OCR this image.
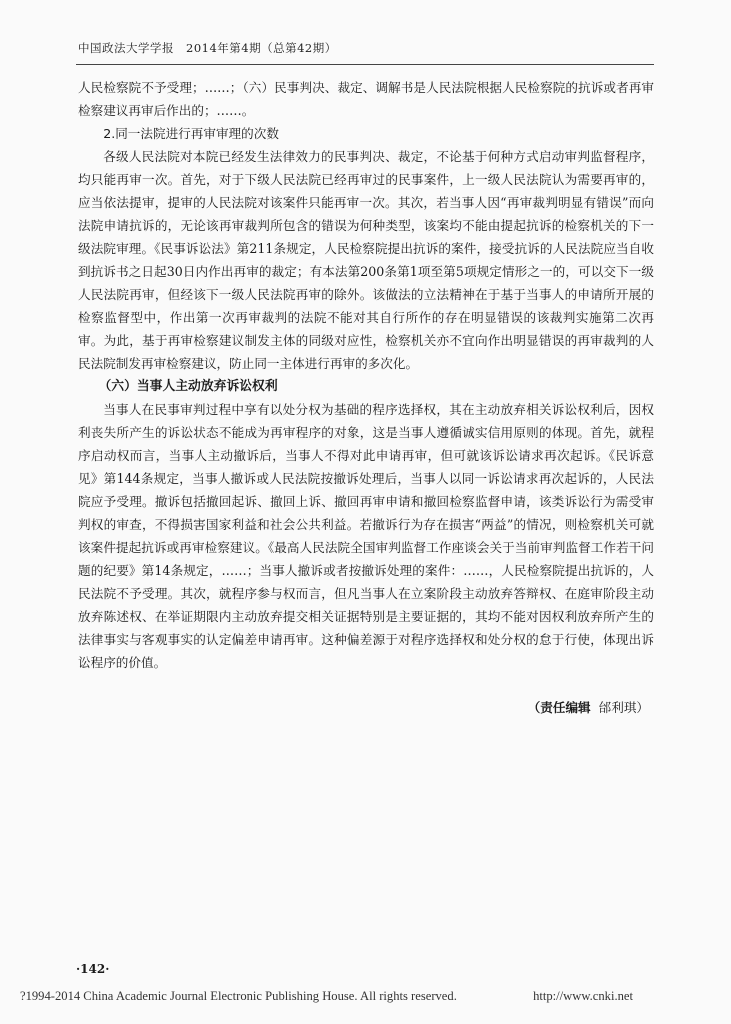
中国政法大学学报　2014年第4期（总第42期）

人民检察院不予受理；……；（六）民事判决、裁定、调解书是人民法院根据人民检察院的抗诉或者再审检察建议再审后作出的；……。

2.同一法院进行再审审理的次数

各级人民法院对本院已经发生法律效力的民事判决、裁定，不论基于何种方式启动审判监督程序，均只能再审一次。首先，对于下级人民法院已经再审过的民事案件，上一级人民法院认为需要再审的，应当依法提审，提审的人民法院对该案件只能再审一次。其次，若当事人因“再审裁判明显有错误”而向法院申请抗诉的，无论该再审裁判所包含的错误为何种类型，该案均不能由提起抗诉的检察机关的下一级法院审理。《民事诉讼法》第211条规定，人民检察院提出抗诉的案件，接受抗诉的人民法院应当自收到抗诉书之日起30日内作出再审的裁定；有本法第200条第1项至第5项规定情形之一的，可以交下一级人民法院再审，但经该下一级人民法院再审的除外。该做法的立法精神在于基于当事人的申请所开展的检察监督型中，作出第一次再审裁判的法院不能对其自行所作的存在明显错误的该裁判实施第二次再审。为此，基于再审检察建议制发主体的同级对应性，检察机关亦不宜向作出明显错误的再审裁判的人民法院制发再审检察建议，防止同一主体进行再审的多次化。

（六）当事人主动放弃诉讼权利

当事人在民事审判过程中享有以处分权为基础的程序选择权，其在主动放弃相关诉讼权利后，因权利丧失所产生的诉讼状态不能成为再审程序的对象，这是当事人遵循诚实信用原则的体现。首先，就程序启动权而言，当事人主动撤诉后，当事人不得对此申请再审，但可就该诉讼请求再次起诉。《民诉意见》第144条规定，当事人撤诉或人民法院按撤诉处理后，当事人以同一诉讼请求再次起诉的，人民法院应予受理。撤诉包括撤回起诉、撤回上诉、撤回再审申请和撤回检察监督申请，该类诉讼行为需受审判权的审查，不得损害国家利益和社会公共利益。若撤诉行为存在损害“两益”的情况，则检察机关可就该案件提起抗诉或再审检察建议。《最高人民法院全国审判监督工作座谈会关于当前审判监督工作若干问题的纪要》第14条规定，……；当事人撤诉或者按撤诉处理的案件：……，人民检察院提出抗诉的，人民法院不予受理。其次，就程序参与权而言，但凡当事人在立案阶段主动放弃答辩权、在庭审阶段主动放弃陈述权、在举证期限内主动放弃提交相关证据特别是主要证据的，其均不能对因权利放弃所产生的法律事实与客观事实的认定偏差申请再审。这种偏差源于对程序选择权和处分权的怠于行使，体现出诉讼程序的价值。

（责任编辑 邰利琪）
·142·
?1994-2014 China Academic Journal Electronic Publishing House. All rights reserved.	http://www.cnki.net
